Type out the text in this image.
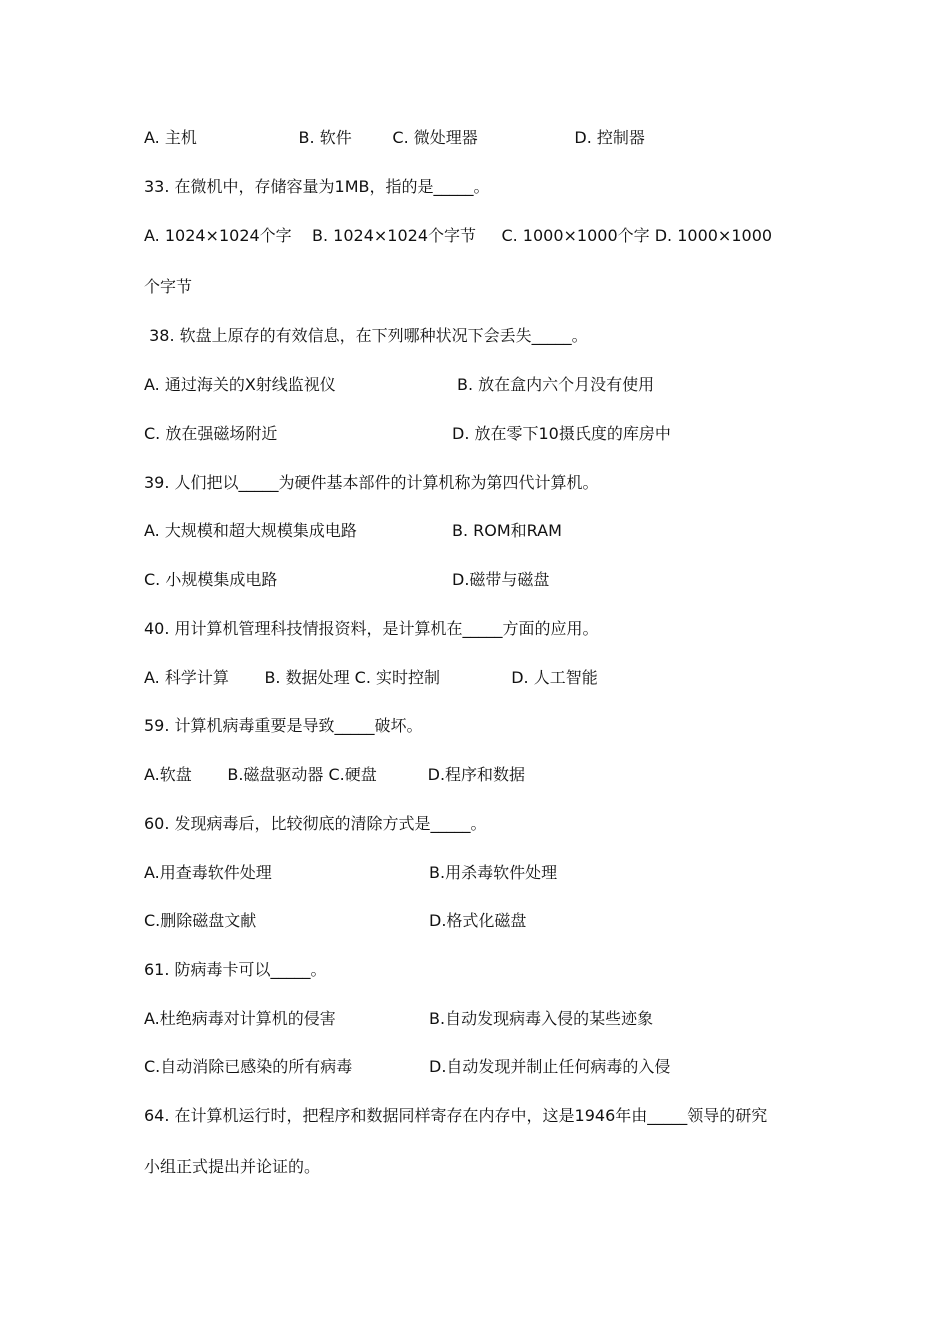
A. 主机                    B. 软件        C. 微处理器                   D. 控制器
33. 在微机中，存储容量为1MB，指的是_____。
A. 1024×1024个字    B. 1024×1024个字节     C. 1000×1000个字 D. 1000×1000
个字节
38. 软盘上原存的有效信息，在下列哪种状况下会丢失_____。
A. 通过海关的X射线监视仪	B. 放在盒内六个月没有使用
C. 放在强磁场附近	D. 放在零下10摄氏度的库房中
39. 人们把以_____为硬件基本部件的计算机称为第四代计算机。
A. 大规模和超大规模集成电路	B. ROM和RAM
C. 小规模集成电路	D.磁带与磁盘
40. 用计算机管理科技情报资料，是计算机在_____方面的应用。
A. 科学计算       B. 数据处理 C. 实时控制              D. 人工智能
59. 计算机病毒重要是导致_____破坏。
A.软盘       B.磁盘驱动器 C.硬盘          D.程序和数据
60. 发现病毒后，比较彻底的清除方式是_____。
A.用查毒软件处理	B.用杀毒软件处理
C.删除磁盘文献	D.格式化磁盘
61. 防病毒卡可以_____。
A.杜绝病毒对计算机的侵害	B.自动发现病毒入侵的某些迹象
C.自动消除已感染的所有病毒	D.自动发现并制止任何病毒的入侵
64. 在计算机运行时，把程序和数据同样寄存在内存中，这是1946年由_____领导的研究
小组正式提出并论证的。
